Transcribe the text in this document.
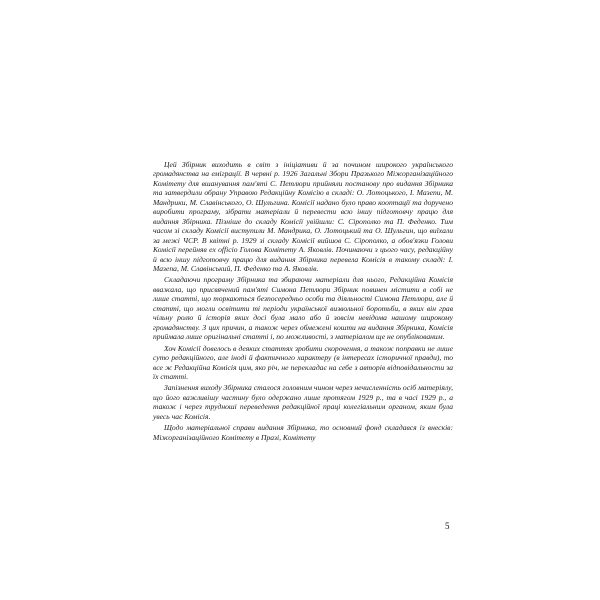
Цей Збірник виходить в світ з ініціативи й за почином широкого українського громадянства на еміграції. В червні р. 1926 Загальні Збори Празького Міжорганізаційного Комітету для вшанування пам'яті С. Петлюри прийняли постанову про видання Збірника та затвердили обрану Управою Редакційну Комісію в складі: О. Лотоцького, І. Мазепи, М. Мандрики, М. Славінського, О. Шульгина. Комісії надано було право кооптації та доручено виробити програму, зібрати матеріали й перевести всю іншу підготовчу працю для видання Збірника. Пізніше до складу Комісії увійшли: С. Сірополко та П. Феденко. Тим часом зі складу Комісії виступили М. Мандрика, О. Лотоцький та О. Шульгин, що виїхали за межі ЧСР. В квітні р. 1929 зі складу Комісії вийшов С. Сірополко, а обов'язки Голови Комісії перейняв ex officio Голова Комітету А. Яковлів. Починаючи з цього часу, редакційну й всю іншу підготовчу працю для видання Збірника перевела Комісія в такому складі: І. Мазепа, М. Славінський, П. Феденко та А. Яковлів.

Складаючи програму Збірника та збираючи матеріали для нього, Редакційна Комісія вважала, що присвячений пам'яті Симона Петлюри Збірник повинен містити в собі не лише статті, що торкаються безпосередньо особи та діяльності Симона Петлюри, але й статті, що могли освітити ті періоди української визвольної боротьби, в яких він грав чільну ролю й історія яких досі була мало або й зовсім невідома нашому широкому громадянству. З цих причин, а також через обмежені кошти на видання Збірника, Комісія приймала лише оригінальні статті і, по можливості, з матеріалом ще не опублікованим.

Хоч Комісії довелось в деяких статтях зробити скорочення, а також поправки не лише суто редакційного, але іноді й фактичного характеру (в інтересах історичної правди), то все ж Редакційна Комісія цим, яко річ, не перекладає на себе з авторів відповідальности за їх статті.

Запізнення виходу Збірника сталося головним чином через нечисленність осіб матеріялу, що його важливішу частину було одержано лише протягом 1929 р., та в часі 1929 р., а також і через трудноші переведення редакційної праці колегіальним органом, яким була увесь час Комісія.

Щодо матеріальної справи видання Збірника, то основний фонд складався із внесків: Міжорганізаційного Комітету в Празі, Комітету

5
